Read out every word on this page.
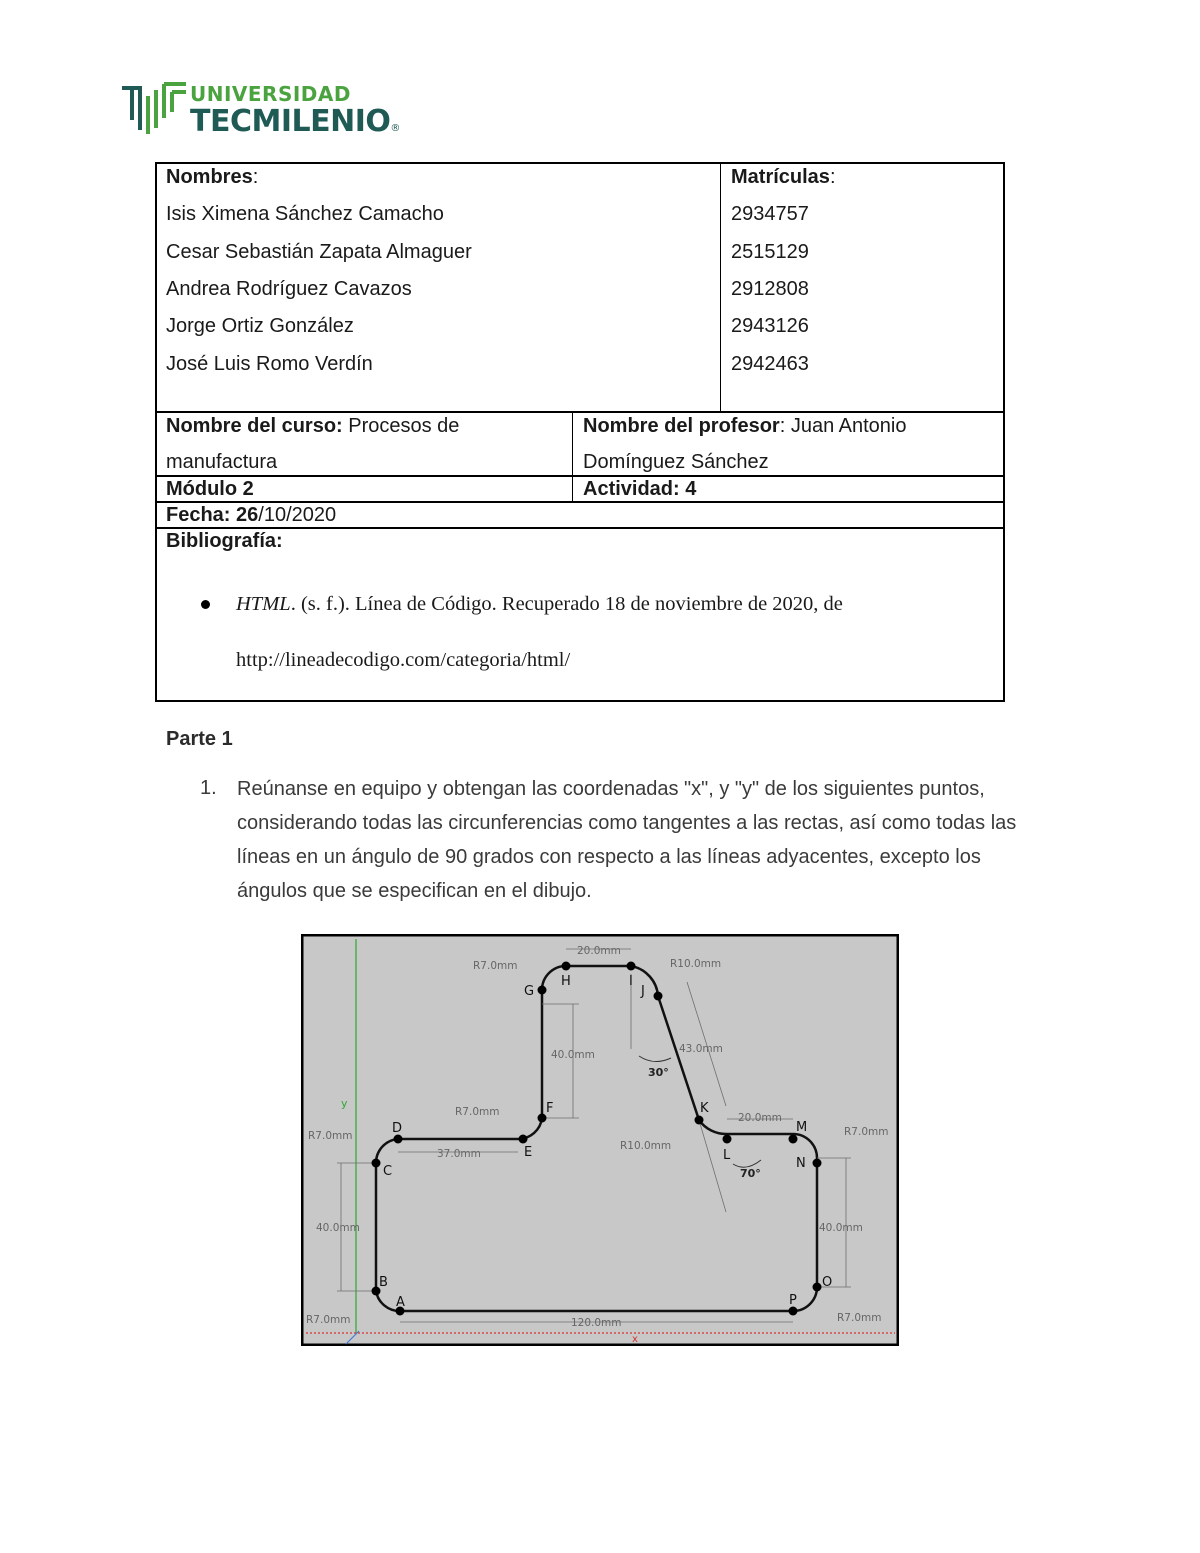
UNIVERSIDAD
TECMILENIO®
Nombres:	Matrículas:
Isis Ximena Sánchez Camacho	2934757
Cesar Sebastián Zapata Almaguer	2515129
Andrea Rodríguez Cavazos	2912808
Jorge Ortiz González	2943126
José Luis Romo Verdín	2942463
Nombre del curso: Procesos de
manufactura
Nombre del profesor: Juan Antonio
Domínguez Sánchez
Módulo 2	Actividad: 4
Fecha: 26/10/2020
Bibliografía:
HTML. (s. f.). Línea de Código. Recuperado 18 de noviembre de 2020, de
http://lineadecodigo.com/categoria/html/
Parte 1
1. Reúnanse en equipo y obtengan las coordenadas "x", y "y" de los siguientes puntos, considerando todas las circunferencias como tangentes a las rectas, así como todas las líneas en un ángulo de 90 grados con respecto a las líneas adyacentes, excepto los ángulos que se especifican en el dibujo.
y
x
A
B
C
D
E
F
G
H	I
J
K
L
M
N
O
P
20.0mm
40.0mm	43.0mm
20.0mm
37.0mm
40.0mm	40.0mm
120.0mm
R7.0mm	R10.0mm
R7.0mm
R10.0mm
R7.0mm	R7.0mm
R7.0mm	R7.0mm
30°
70°
